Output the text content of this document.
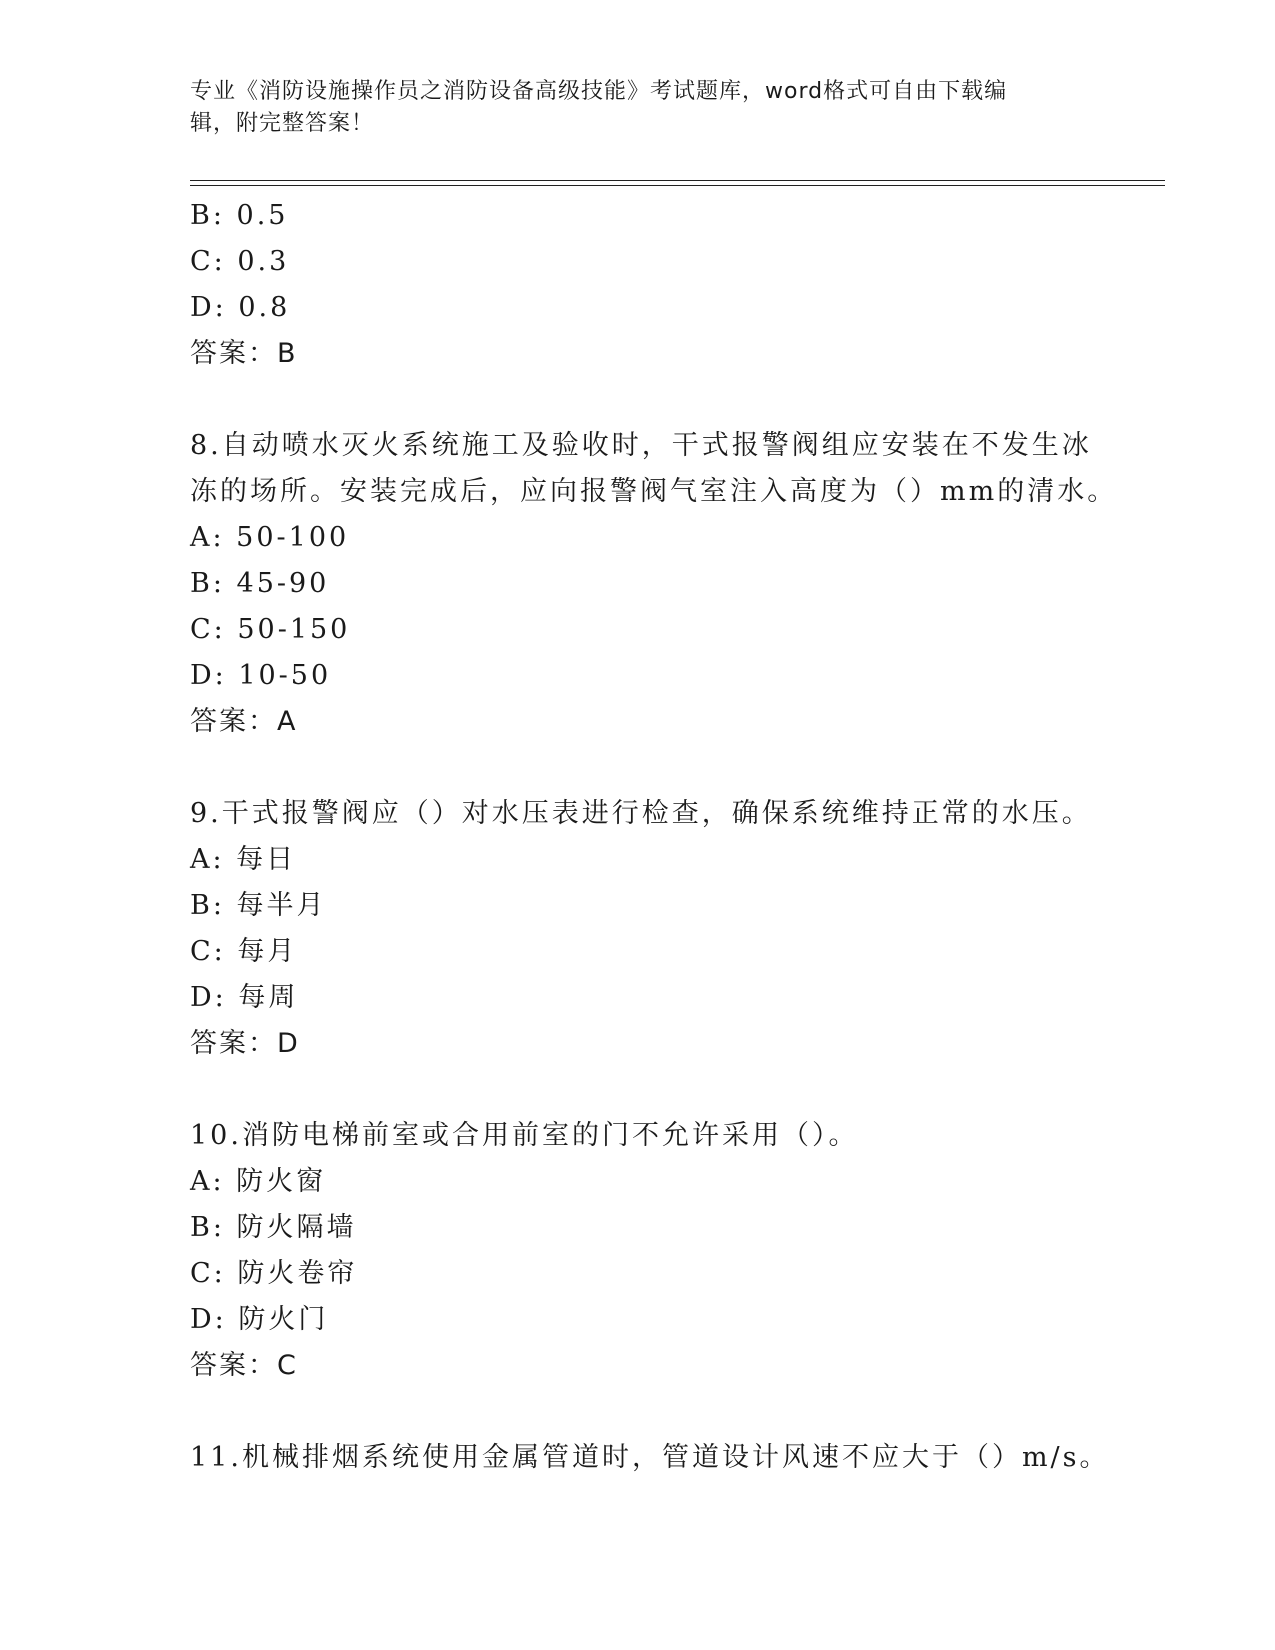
专业《消防设施操作员之消防设备高级技能》考试题库，word格式可自由下载编
辑，附完整答案！
B: 0.5
C: 0.3
D: 0.8
答案：B
8.自动喷水灭火系统施工及验收时，干式报警阀组应安装在不发生冰
冻的场所。安装完成后，应向报警阀气室注入高度为（）mm的清水。
A: 50-100
B: 45-90
C: 50-150
D: 10-50
答案：A
9.干式报警阀应（）对水压表进行检查，确保系统维持正常的水压。
A: 每日
B: 每半月
C: 每月
D: 每周
答案：D
10.消防电梯前室或合用前室的门不允许采用（）。
A: 防火窗
B: 防火隔墙
C: 防火卷帘
D: 防火门
答案：C
11.机械排烟系统使用金属管道时，管道设计风速不应大于（）m/s。
